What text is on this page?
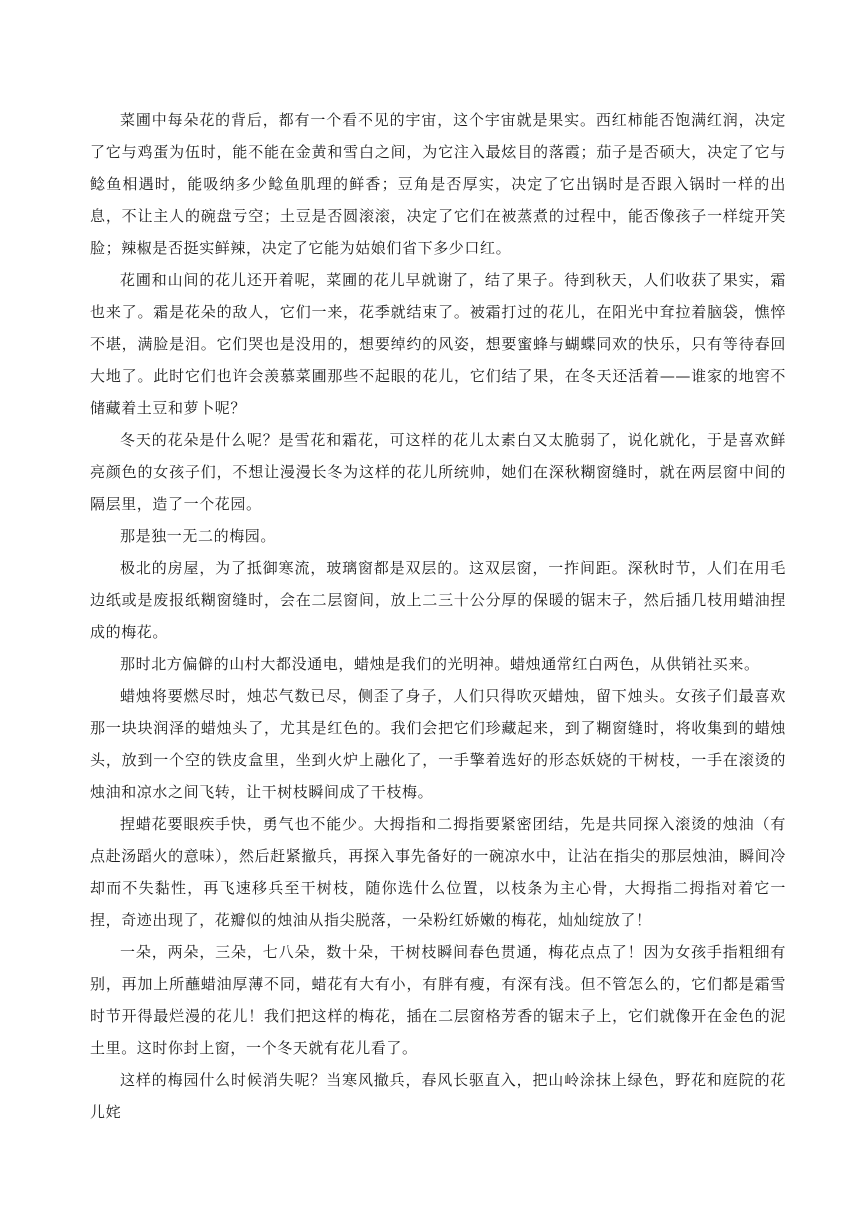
菜圃中每朵花的背后，都有一个看不见的宇宙，这个宇宙就是果实。西红柿能否饱满红润，决定了它与鸡蛋为伍时，能不能在金黄和雪白之间，为它注入最炫目的落霞；茄子是否硕大，决定了它与鲶鱼相遇时，能吸纳多少鲶鱼肌理的鲜香；豆角是否厚实，决定了它出锅时是否跟入锅时一样的出息，不让主人的碗盘亏空；土豆是否圆滚滚，决定了它们在被蒸煮的过程中，能否像孩子一样绽开笑脸；辣椒是否挺实鲜辣，决定了它能为姑娘们省下多少口红。

花圃和山间的花儿还开着呢，菜圃的花儿早就谢了，结了果子。待到秋天，人们收获了果实，霜也来了。霜是花朵的敌人，它们一来，花季就结束了。被霜打过的花儿，在阳光中耷拉着脑袋，憔悴不堪，满脸是泪。它们哭也是没用的，想要绰约的风姿，想要蜜蜂与蝴蝶同欢的快乐，只有等待春回大地了。此时它们也许会羡慕菜圃那些不起眼的花儿，它们结了果，在冬天还活着——谁家的地窖不储藏着土豆和萝卜呢？

冬天的花朵是什么呢？是雪花和霜花，可这样的花儿太素白又太脆弱了，说化就化，于是喜欢鲜亮颜色的女孩子们，不想让漫漫长冬为这样的花儿所统帅，她们在深秋糊窗缝时，就在两层窗中间的隔层里，造了一个花园。

那是独一无二的梅园。

极北的房屋，为了抵御寒流，玻璃窗都是双层的。这双层窗，一拃间距。深秋时节，人们在用毛边纸或是废报纸糊窗缝时，会在二层窗间，放上二三十公分厚的保暖的锯末子，然后插几枝用蜡油捏成的梅花。

那时北方偏僻的山村大都没通电，蜡烛是我们的光明神。蜡烛通常红白两色，从供销社买来。

蜡烛将要燃尽时，烛芯气数已尽，侧歪了身子，人们只得吹灭蜡烛，留下烛头。女孩子们最喜欢那一块块润泽的蜡烛头了，尤其是红色的。我们会把它们珍藏起来，到了糊窗缝时，将收集到的蜡烛头，放到一个空的铁皮盒里，坐到火炉上融化了，一手擎着选好的形态妖娆的干树枝，一手在滚烫的烛油和凉水之间飞转，让干树枝瞬间成了干枝梅。

捏蜡花要眼疾手快，勇气也不能少。大拇指和二拇指要紧密团结，先是共同探入滚烫的烛油（有点赴汤蹈火的意味），然后赶紧撤兵，再探入事先备好的一碗凉水中，让沾在指尖的那层烛油，瞬间冷却而不失黏性，再飞速移兵至干树枝，随你选什么位置，以枝条为主心骨，大拇指二拇指对着它一捏，奇迹出现了，花瓣似的烛油从指尖脱落，一朵粉红娇嫩的梅花，灿灿绽放了！

一朵，两朵，三朵，七八朵，数十朵，干树枝瞬间春色贯通，梅花点点了！因为女孩手指粗细有别，再加上所蘸蜡油厚薄不同，蜡花有大有小，有胖有瘦，有深有浅。但不管怎么的，它们都是霜雪时节开得最烂漫的花儿！我们把这样的梅花，插在二层窗格芳香的锯末子上，它们就像开在金色的泥土里。这时你封上窗，一个冬天就有花儿看了。

这样的梅园什么时候消失呢？当寒风撤兵，春风长驱直入，把山岭涂抹上绿色，野花和庭院的花儿姹
